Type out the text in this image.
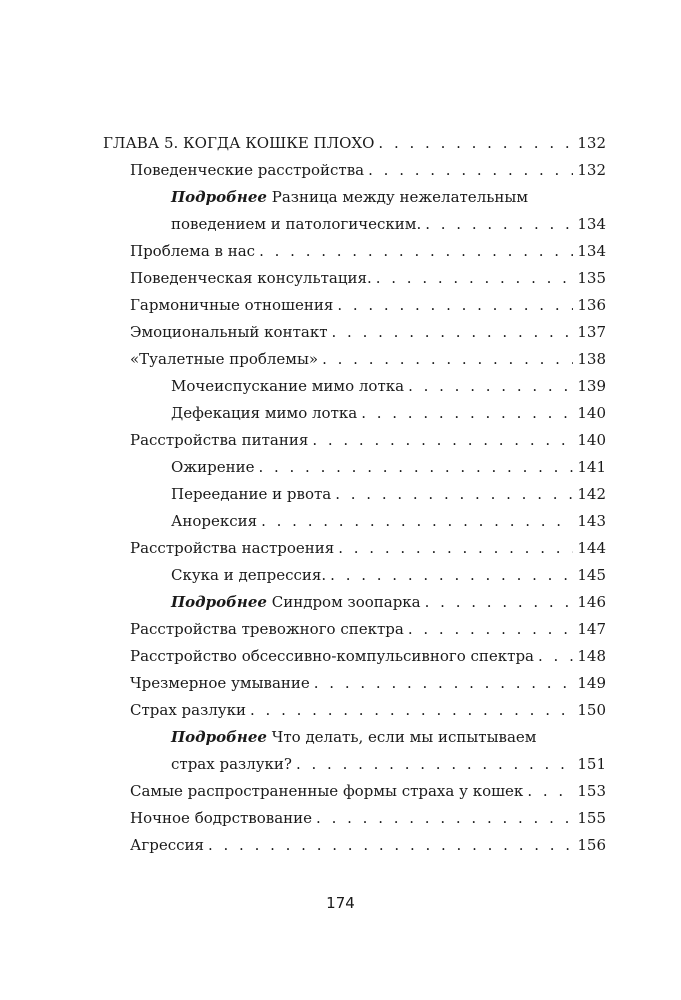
ГЛАВА 5. КОГДА КОШКЕ ПЛОХО . . .	132
Поведенческие расстройства . . .	132
Подробнее Разница между нежелательным
поведением и патологическим. . . .	134
Проблема в нас . . .	134
Поведенческая консультация. . . .	135
Гармоничные отношения . . .	136
Эмоциональный контакт . . .	137
«Туалетные проблемы» . . .	138
Мочеиспускание мимо лотка . . .	139
Дефекация мимо лотка . . .	140
Расстройства питания . . .	140
Ожирение . . .	141
Переедание и рвота . . .	142
Анорексия . . .	143
Расстройства настроения . . .	144
Скука и депрессия. . . .	145
Подробнее Синдром зоопарка . . .	146
Расстройства тревожного спектра . . .	147
Расстройство обсессивно-компульсивного спектра . . .	148
Чрезмерное умывание . . .	149
Страх разлуки . . .	150
Подробнее Что делать, если мы испытываем
страх разлуки? . . .	151
Самые распространенные формы страха у кошек . . .	153
Ночное бодрствование . . .	155
Агрессия . . .	156
174
